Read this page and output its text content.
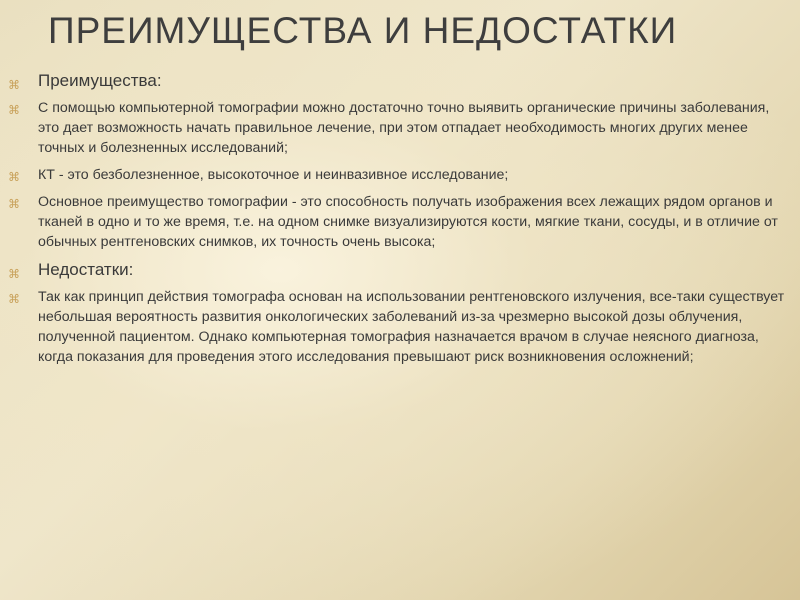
ПРЕИМУЩЕСТВА И НЕДОСТАТКИ
⌘ Преимущества:
⌘ С помощью компьютерной томографии можно достаточно точно выявить органические причины заболевания, это дает возможность начать правильное лечение, при этом отпадает необходимость многих других менее точных и болезненных исследований;
⌘ КТ - это безболезненное, высокоточное и неинвазивное исследование;
⌘ Основное преимущество томографии - это способность получать изображения всех лежащих рядом органов и тканей в одно и то же время, т.е. на одном снимке визуализируются кости, мягкие ткани, сосуды, и в отличие от обычных рентгеновских снимков, их точность очень высока;
⌘ Недостатки:
⌘ Так как принцип действия томографа основан на использовании рентгеновского излучения, все-таки существует небольшая вероятность развития онкологических заболеваний из-за чрезмерно высокой дозы облучения, полученной пациентом. Однако компьютерная томография назначается врачом в случае неясного диагноза, когда показания для проведения этого исследования превышают риск возникновения осложнений;
